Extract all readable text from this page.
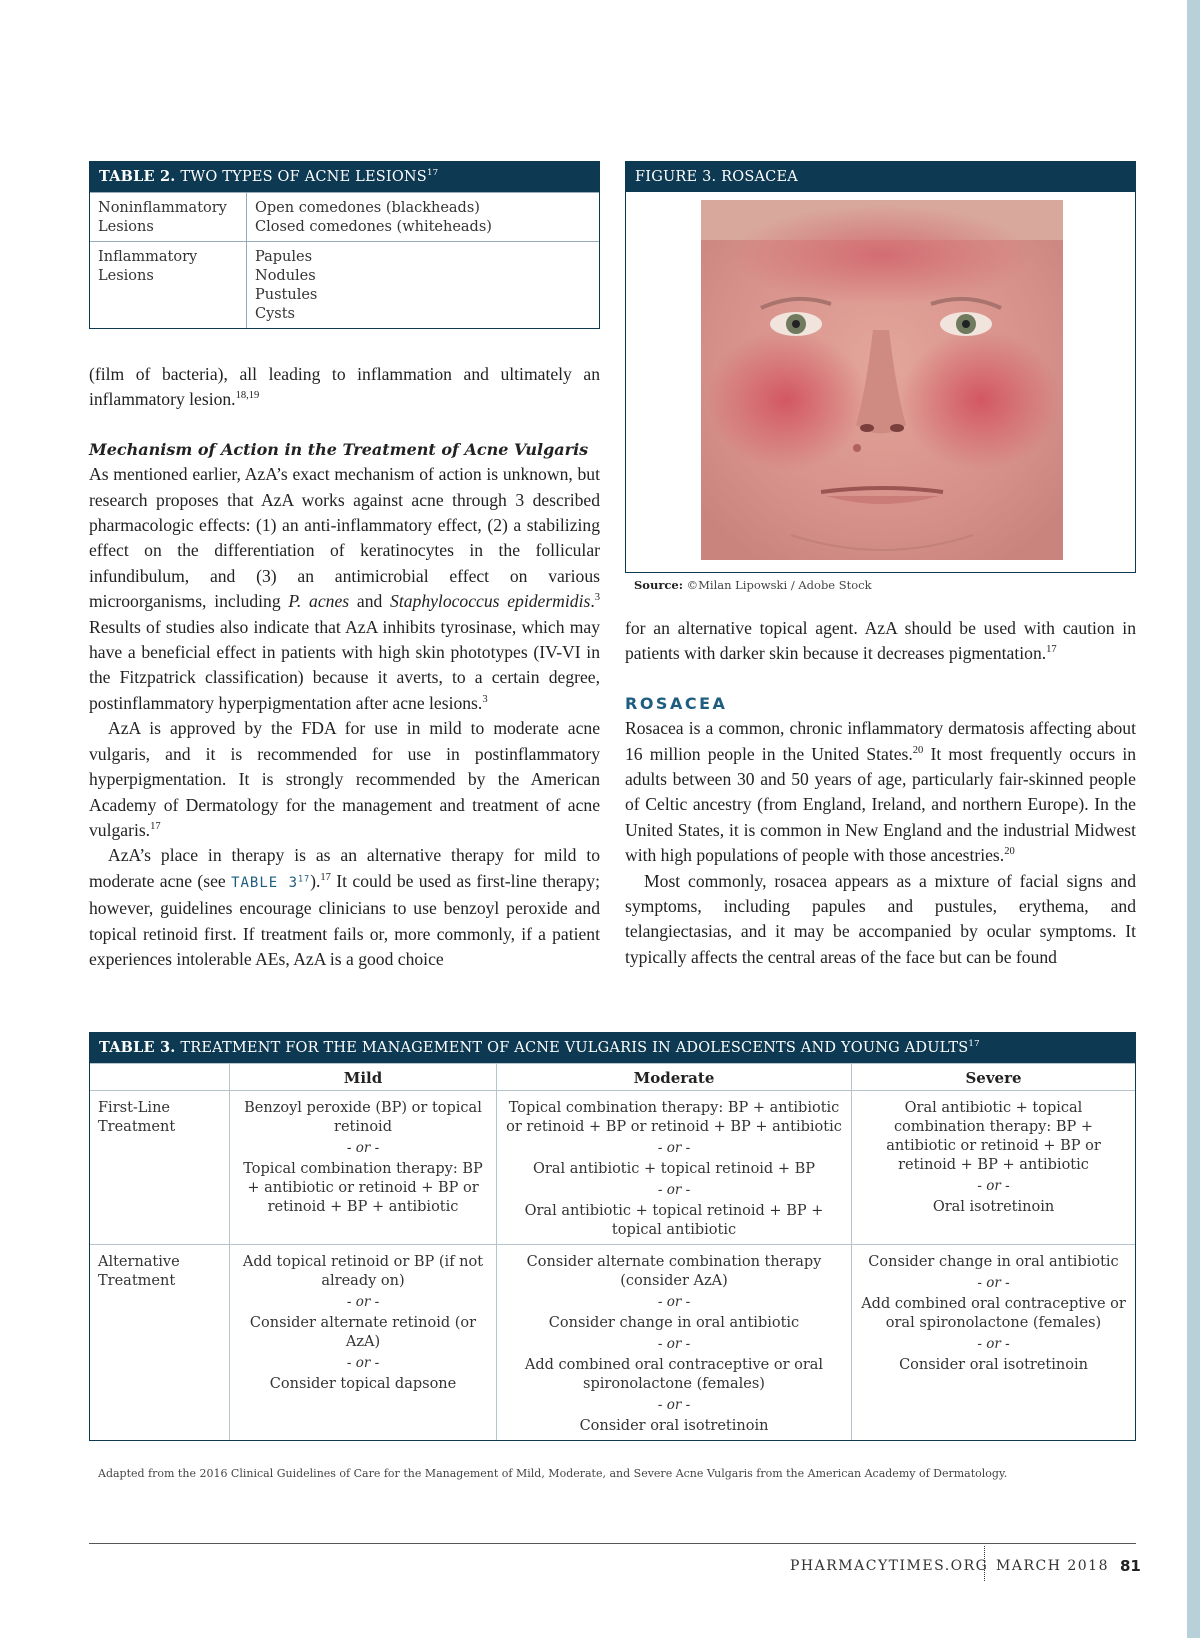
TABLE 2. TWO TYPES OF ACNE LESIONS$^{17}$
Noninflammatory
Lesions
Open comedones (blackheads)
Closed comedones (whiteheads)
Inflammatory
Lesions
Papules
Nodules
Pustules
Cysts
FIGURE 3. ROSACEA
Source: ©Milan Lipowski / Adobe Stock

(film of bacteria), all leading to inflammation and ultimately an inflammatory lesion.$^{18,19}$

Mechanism of Action in the Treatment of Acne Vulgaris

As mentioned earlier, AzA’s exact mechanism of action is unknown, but research proposes that AzA works against acne through 3 described pharmacologic effects: (1) an anti-inflammatory effect, (2) a stabilizing effect on the differentiation of keratinocytes in the follicular infundibulum, and (3) an antimicrobial effect on various microorganisms, including P. acnes and Staphylococcus epidermidis.$^3$ Results of studies also indicate that AzA inhibits tyrosinase, which may have a beneficial effect in patients with high skin phototypes (IV-VI in the Fitzpatrick classification) because it averts, to a certain degree, postinflammatory hyperpigmentation after acne lesions.$^3$

AzA is approved by the FDA for use in mild to moderate acne vulgaris, and it is recommended for use in postinflammatory hyperpigmentation. It is strongly recommended by the American Academy of Dermatology for the management and treatment of acne vulgaris.$^{17}$

AzA’s place in therapy is as an alternative therapy for mild to moderate acne (see TABLE $3^{17}).^{17}$ It could be used as first-line therapy; however, guidelines encourage clinicians to use benzoyl peroxide and topical retinoid first. If treatment fails or, more commonly, if a patient experiences intolerable AEs, AzA is a good choice

for an alternative topical agent. AzA should be used with caution in patients with darker skin because it decreases pigmentation.$^{17}$

ROSACEA

Rosacea is a common, chronic inflammatory dermatosis affecting about 16 million people in the United States.$^{20}$ It most frequently occurs in adults between 30 and 50 years of age, particularly fair-skinned people of Celtic ancestry (from England, Ireland, and northern Europe). In the United States, it is common in New England and the industrial Midwest with high populations of people with those ancestries.$^{20}$

Most commonly, rosacea appears as a mixture of facial signs and symptoms, including papules and pustules, erythema, and telangiectasias, and it may be accompanied by ocular symptoms. It typically affects the central areas of the face but can be found

TABLE 3. TREATMENT FOR THE MANAGEMENT OF ACNE VULGARIS IN ADOLESCENTS AND YOUNG ADULTS$^{17}$
Mild	Moderate	Severe
First-Line
Treatment
Benzoyl peroxide (BP) or topical retinoid
- or -
Topical combination therapy: BP + antibiotic or retinoid + BP or retinoid + BP + antibiotic
Topical combination therapy: BP + antibiotic or retinoid + BP or retinoid + BP + antibiotic
- or -
Oral antibiotic + topical retinoid + BP
- or -
Oral antibiotic + topical retinoid + BP + topical antibiotic
Oral antibiotic + topical combination therapy: BP + antibiotic or retinoid + BP or retinoid + BP + antibiotic
- or -
Oral isotretinoin
Alternative
Treatment
Add topical retinoid or BP (if not already on)
- or -
Consider alternate retinoid (or AzA)
- or -
Consider topical dapsone
Consider alternate combination therapy (consider AzA)
- or -
Consider change in oral antibiotic
- or -
Add combined oral contraceptive or oral spironolactone (females)
- or -
Consider oral isotretinoin
Consider change in oral antibiotic
- or -
Add combined oral contraceptive or oral spironolactone (females)
- or -
Consider oral isotretinoin
Adapted from the 2016 Clinical Guidelines of Care for the Management of Mild, Moderate, and Severe Acne Vulgaris from the American Academy of Dermatology.
PHARMACYTIMES.ORG MARCH 2018 81
